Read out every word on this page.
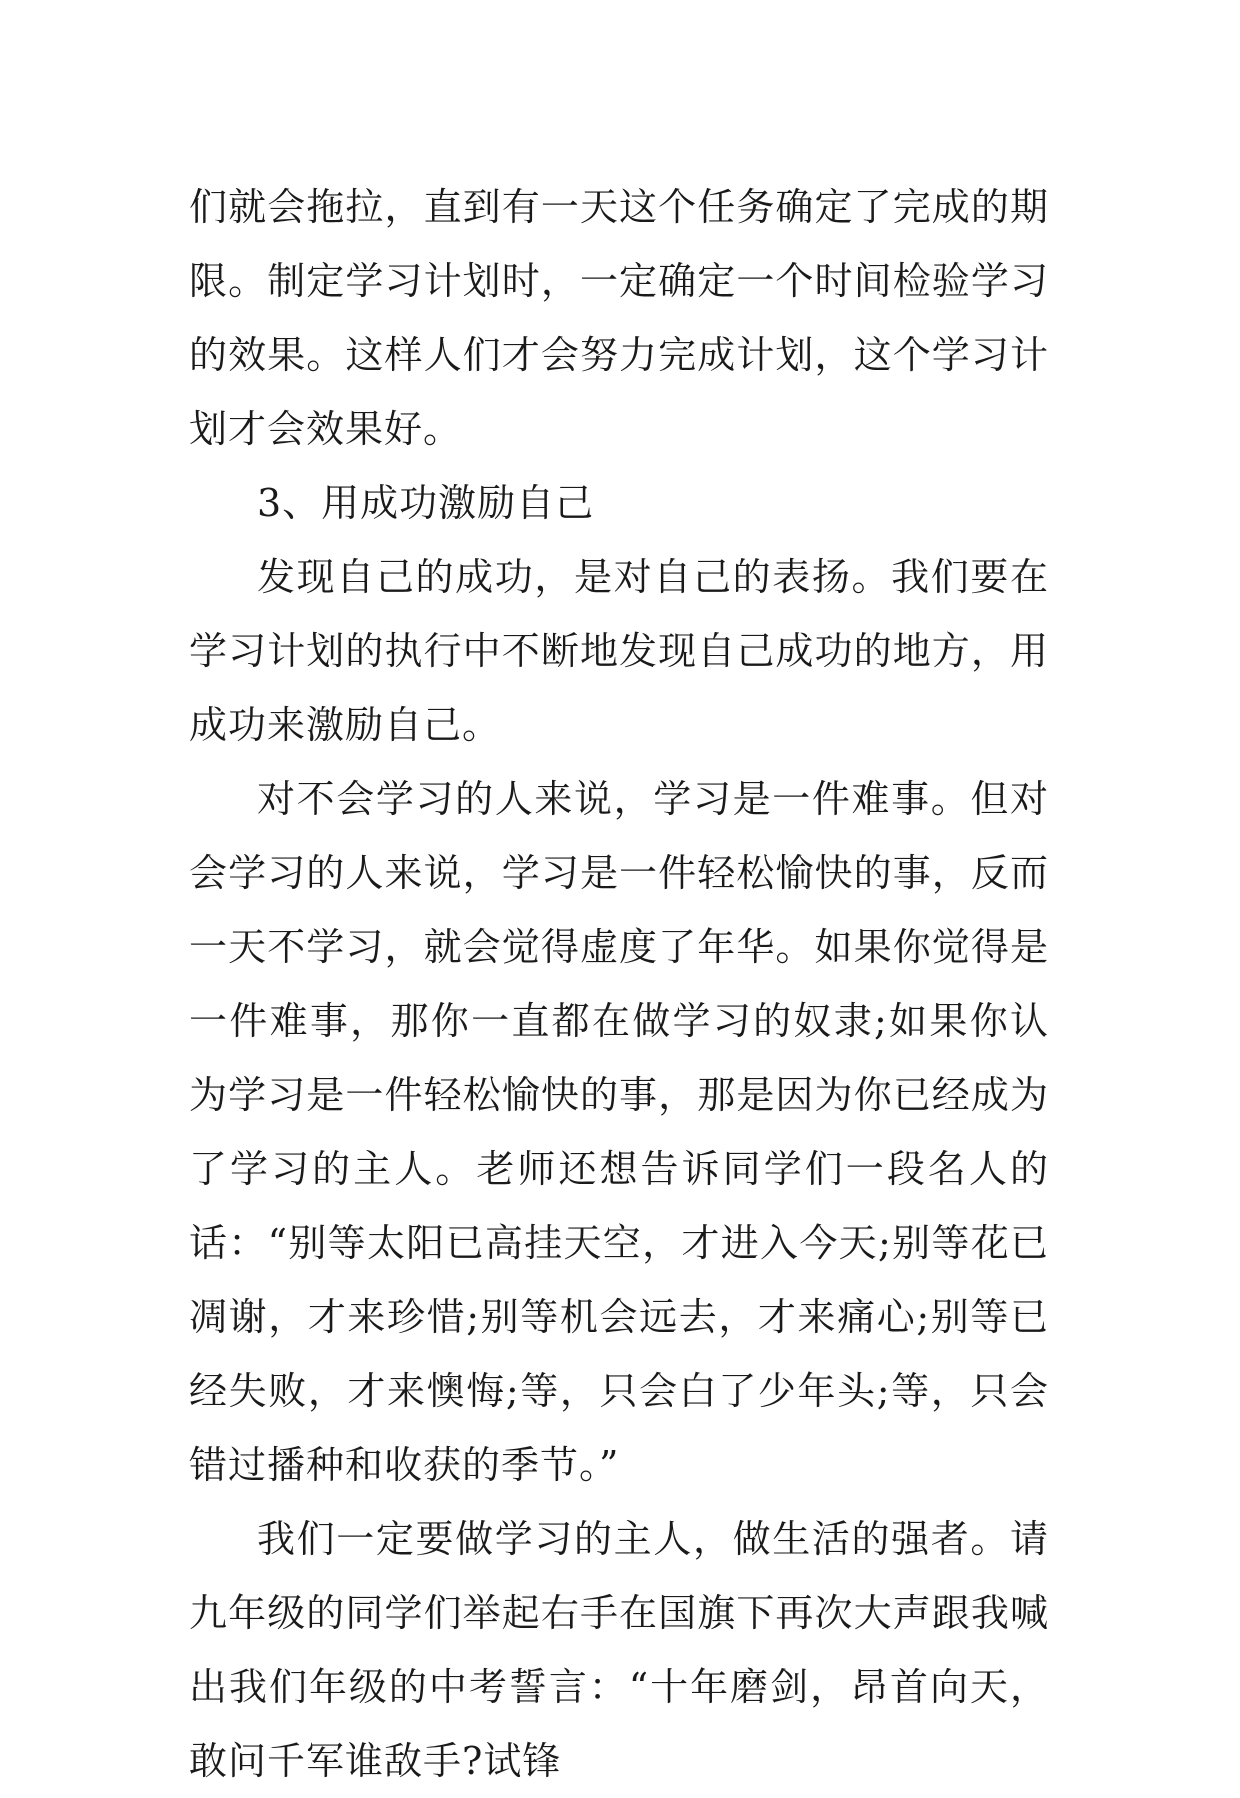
们就会拖拉，直到有一天这个任务确定了完成的期限。制定学习计划时，一定确定一个时间检验学习的效果。这样人们才会努力完成计划，这个学习计划才会效果好。

3、用成功激励自己

发现自己的成功，是对自己的表扬。我们要在学习计划的执行中不断地发现自己成功的地方，用成功来激励自己。

对不会学习的人来说，学习是一件难事。但对会学习的人来说，学习是一件轻松愉快的事，反而一天不学习，就会觉得虚度了年华。如果你觉得是一件难事，那你一直都在做学习的奴隶;如果你认为学习是一件轻松愉快的事，那是因为你已经成为了学习的主人。老师还想告诉同学们一段名人的话：“别等太阳已高挂天空，才进入今天;别等花已凋谢，才来珍惜;别等机会远去，才来痛心;别等已经失败，才来懊悔;等，只会白了少年头;等，只会错过播种和收获的季节。”

我们一定要做学习的主人，做生活的强者。请九年级的同学们举起右手在国旗下再次大声跟我喊出我们年级的中考誓言：“十年磨剑，昂首向天，敢问千军谁敌手?试锋
